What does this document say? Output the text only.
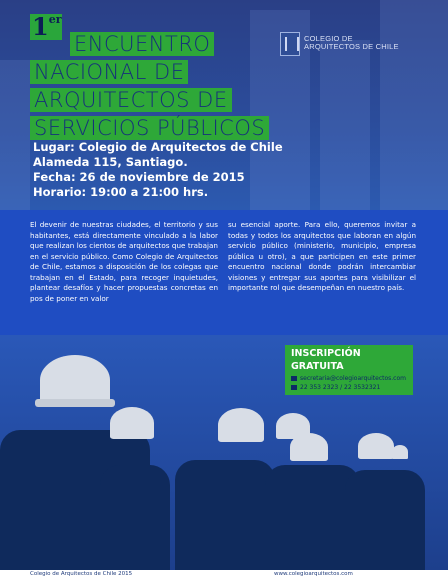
1er
ENCUENTRO
NACIONAL DE
ARQUITECTOS DE
SERVICIOS PÚBLICOS
COLEGIO DE
ARQUITECTOS DE CHILE
Lugar: Colegio de Arquitectos de Chile
Alameda 115, Santiago.
Fecha: 26 de noviembre de 2015
Horario: 19:00 a 21:00 hrs.
El devenir de nuestras ciudades, el territorio y sus habitantes, está directamente vinculado a la labor que realizan los cientos de arquitectos que trabajan en el servicio público. Como Colegio de Arquitectos de Chile, estamos a disposición de los colegas que trabajan en el Estado, para recoger inquietudes, plantear desafíos y hacer propuestas concretas en pos de poner en valor
su esencial aporte. Para ello, queremos invitar a todas y todos los arquitectos que laboran en algún servicio público (ministerio, municipio, empresa pública u otro), a que participen en este primer encuentro nacional donde podrán intercambiar visiones y entregar sus aportes para visibilizar el importante rol que desempeñan en nuestro país.
INSCRIPCIÓN GRATUITA
secretaria@colegioarquitectos.com
22 353 2323 / 22 3532321
Colegio de Arquitectos de Chile 2015	www.colegioarquitectos.com
